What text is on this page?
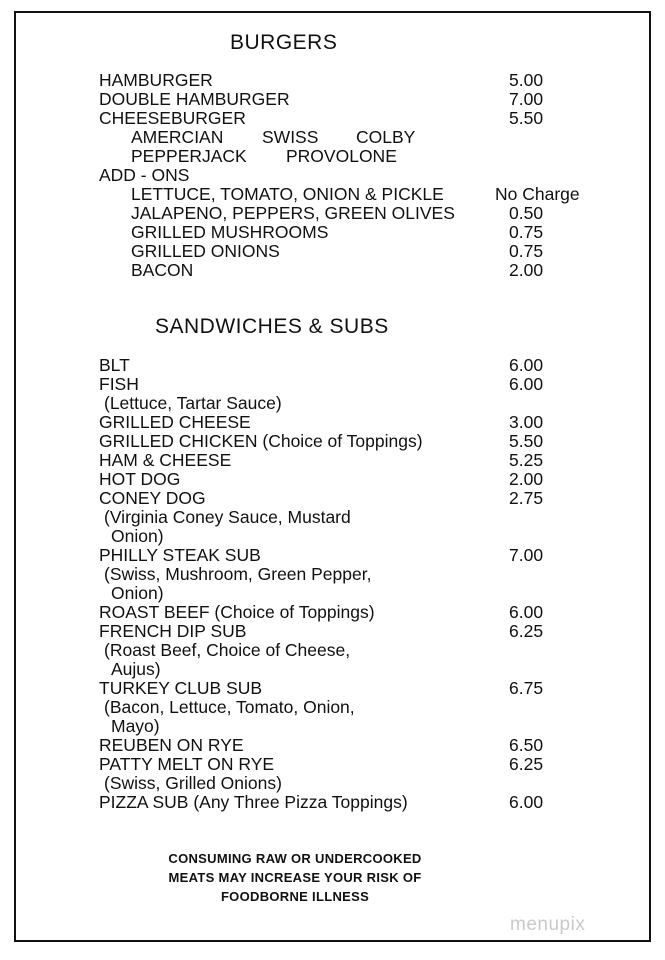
BURGERS
HAMBURGER	5.00
DOUBLE HAMBURGER	7.00
CHEESEBURGER	5.50
AMERCIAN SWISS COLBY
PEPPERJACK PROVOLONE
ADD - ONS
LETTUCE, TOMATO, ONION & PICKLE	No Charge
JALAPENO, PEPPERS, GREEN OLIVES	0.50
GRILLED MUSHROOMS	0.75
GRILLED ONIONS	0.75
BACON	2.00
SANDWICHES & SUBS
BLT	6.00
FISH	6.00
(Lettuce, Tartar Sauce)
GRILLED CHEESE	3.00
GRILLED CHICKEN (Choice of Toppings)	5.50
HAM & CHEESE	5.25
HOT DOG	2.00
CONEY DOG	2.75
(Virginia Coney Sauce, Mustard
Onion)
PHILLY STEAK SUB	7.00
(Swiss, Mushroom, Green Pepper,
Onion)
ROAST BEEF (Choice of Toppings)	6.00
FRENCH DIP SUB	6.25
(Roast Beef, Choice of Cheese,
Aujus)
TURKEY CLUB SUB	6.75
(Bacon, Lettuce, Tomato, Onion,
Mayo)
REUBEN ON RYE	6.50
PATTY MELT ON RYE	6.25
(Swiss, Grilled Onions)
PIZZA SUB (Any Three Pizza Toppings)	6.00
CONSUMING RAW OR UNDERCOOKED
MEATS MAY INCREASE YOUR RISK OF
FOODBORNE ILLNESS
menupix
